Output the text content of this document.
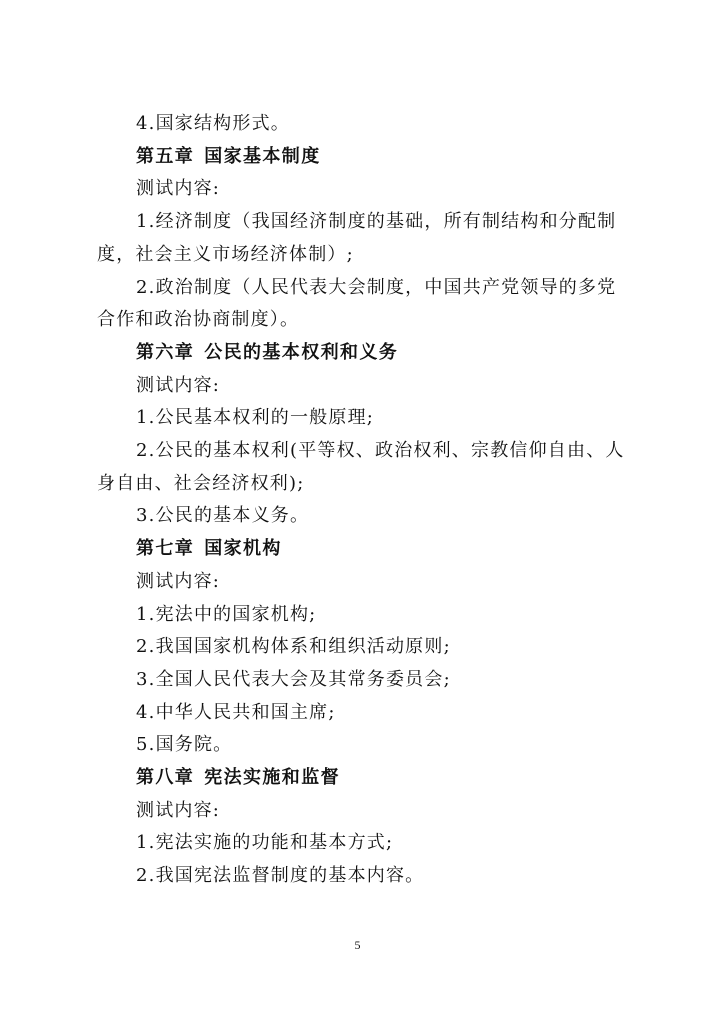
4.国家结构形式。
第五章 国家基本制度
测试内容:
1.经济制度（我国经济制度的基础，所有制结构和分配制
度，社会主义市场经济体制）;
2.政治制度（人民代表大会制度，中国共产党领导的多党
合作和政治协商制度）。
第六章 公民的基本权利和义务
测试内容:
1.公民基本权利的一般原理;
2.公民的基本权利(平等权、政治权利、宗教信仰自由、人
身自由、社会经济权利);
3.公民的基本义务。
第七章 国家机构
测试内容:
1.宪法中的国家机构;
2.我国国家机构体系和组织活动原则;
3.全国人民代表大会及其常务委员会;
4.中华人民共和国主席;
5.国务院。
第八章 宪法实施和监督
测试内容:
1.宪法实施的功能和基本方式;
2.我国宪法监督制度的基本内容。
5
